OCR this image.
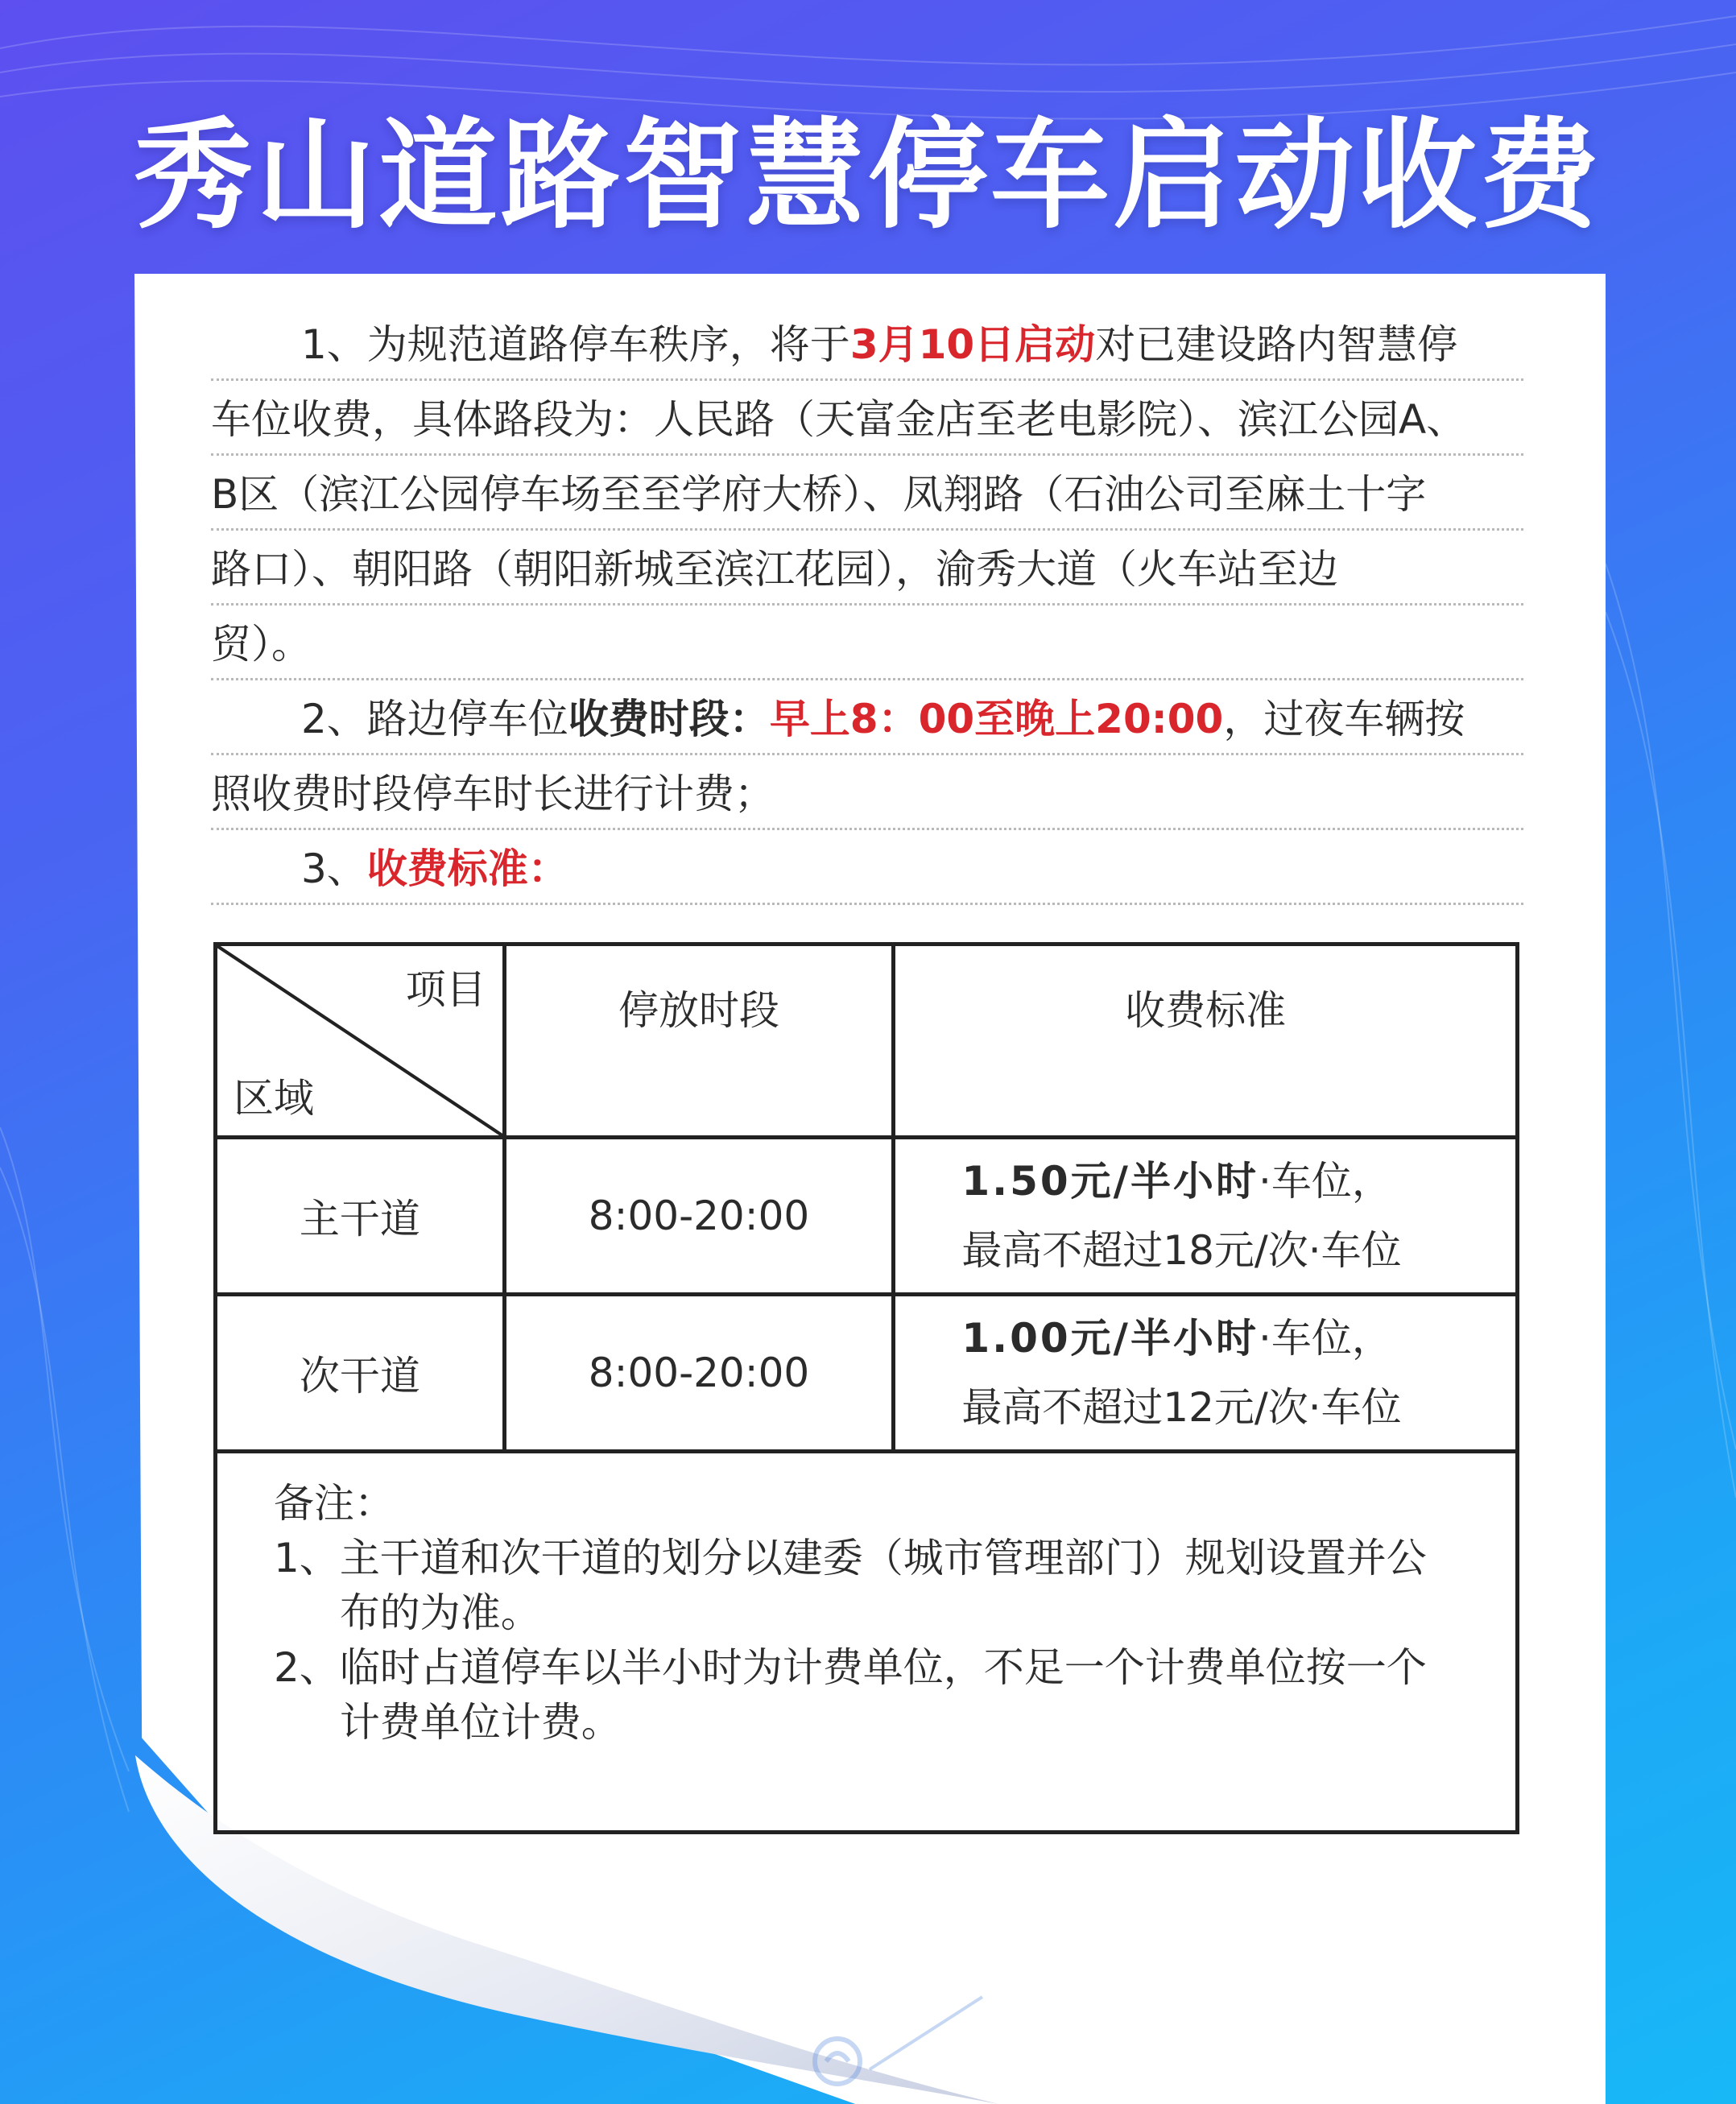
秀山道路智慧停车启动收费
1、为规范道路停车秩序，将于3月10日启动对已建设路内智慧停
车位收费，具体路段为：人民路（天富金店至老电影院）、滨江公园A、
B区（滨江公园停车场至至学府大桥）、凤翔路（石油公司至麻土十字
路口）、朝阳路（朝阳新城至滨江花园），渝秀大道（火车站至边
贸）。
2、路边停车位收费时段：早上8：00至晚上20:00，过夜车辆按
照收费时段停车时长进行计费；
3、收费标准：
项目
区域	停放时段	收费标准
主干道	8:00-20:00	1.50元/半小时·车位，
最高不超过18元/次·车位

次干道	8:00-20:00	1.00元/半小时·车位，
最高不超过12元/次·车位

备注：
1、 主干道和次干道的划分以建委（城市管理部门）规划设置并公布的为准。
2、 临时占道停车以半小时为计费单位，不足一个计费单位按一个计费单位计费。		
